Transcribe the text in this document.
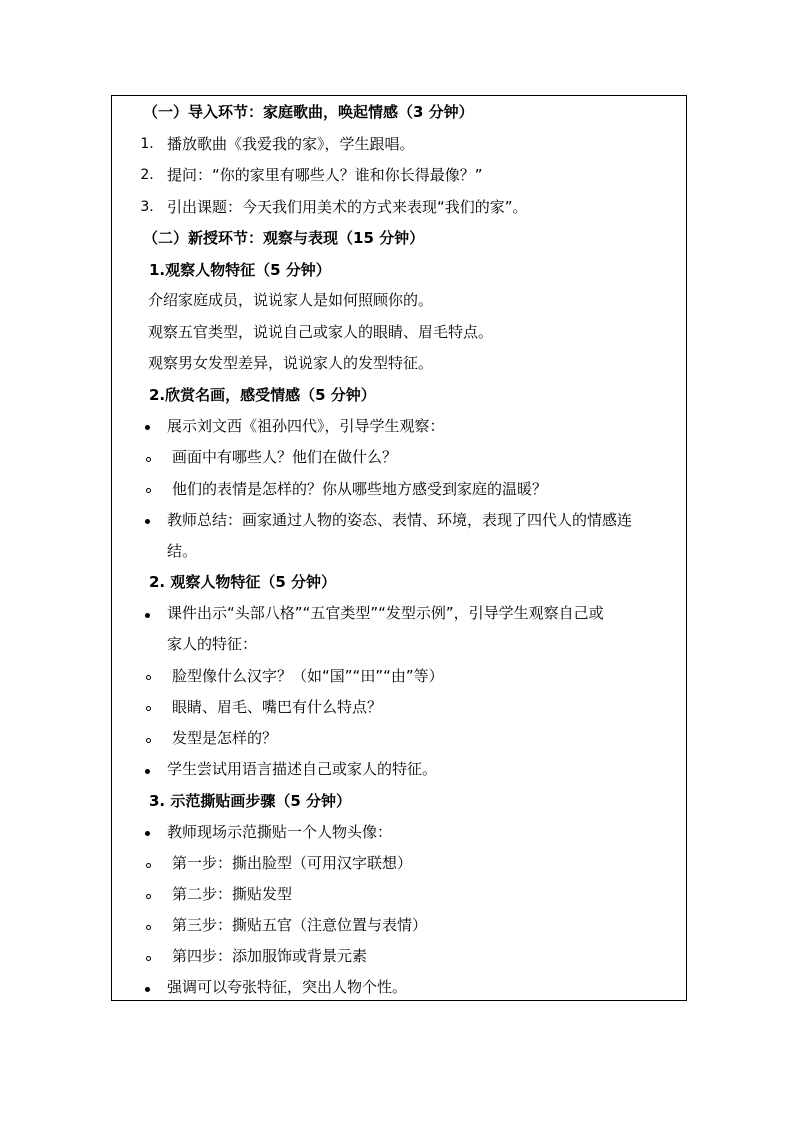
（一）导入环节：家庭歌曲，唤起情感（3 分钟）
1. 播放歌曲《我爱我的家》，学生跟唱。
2. 提问：“你的家里有哪些人？谁和你长得最像？”
3. 引出课题：今天我们用美术的方式来表现“我们的家”。
（二）新授环节：观察与表现（15 分钟）
1.观察人物特征（5 分钟）
介绍家庭成员，说说家人是如何照顾你的。
观察五官类型，说说自己或家人的眼睛、眉毛特点。
观察男女发型差异，说说家人的发型特征。
2.欣赏名画，感受情感（5 分钟）
展示刘文西《祖孙四代》，引导学生观察：
画面中有哪些人？他们在做什么？
他们的表情是怎样的？你从哪些地方感受到家庭的温暖？
教师总结：画家通过人物的姿态、表情、环境，表现了四代人的情感连
结。
2. 观察人物特征（5 分钟）
课件出示“头部八格”“五官类型”“发型示例”，引导学生观察自己或
家人的特征：
脸型像什么汉字？（如“国”“田”“由”等）
眼睛、眉毛、嘴巴有什么特点？
发型是怎样的？
学生尝试用语言描述自己或家人的特征。
3. 示范撕贴画步骤（5 分钟）
教师现场示范撕贴一个人物头像：
第一步：撕出脸型（可用汉字联想）
第二步：撕贴发型
第三步：撕贴五官（注意位置与表情）
第四步：添加服饰或背景元素
强调可以夸张特征，突出人物个性。
